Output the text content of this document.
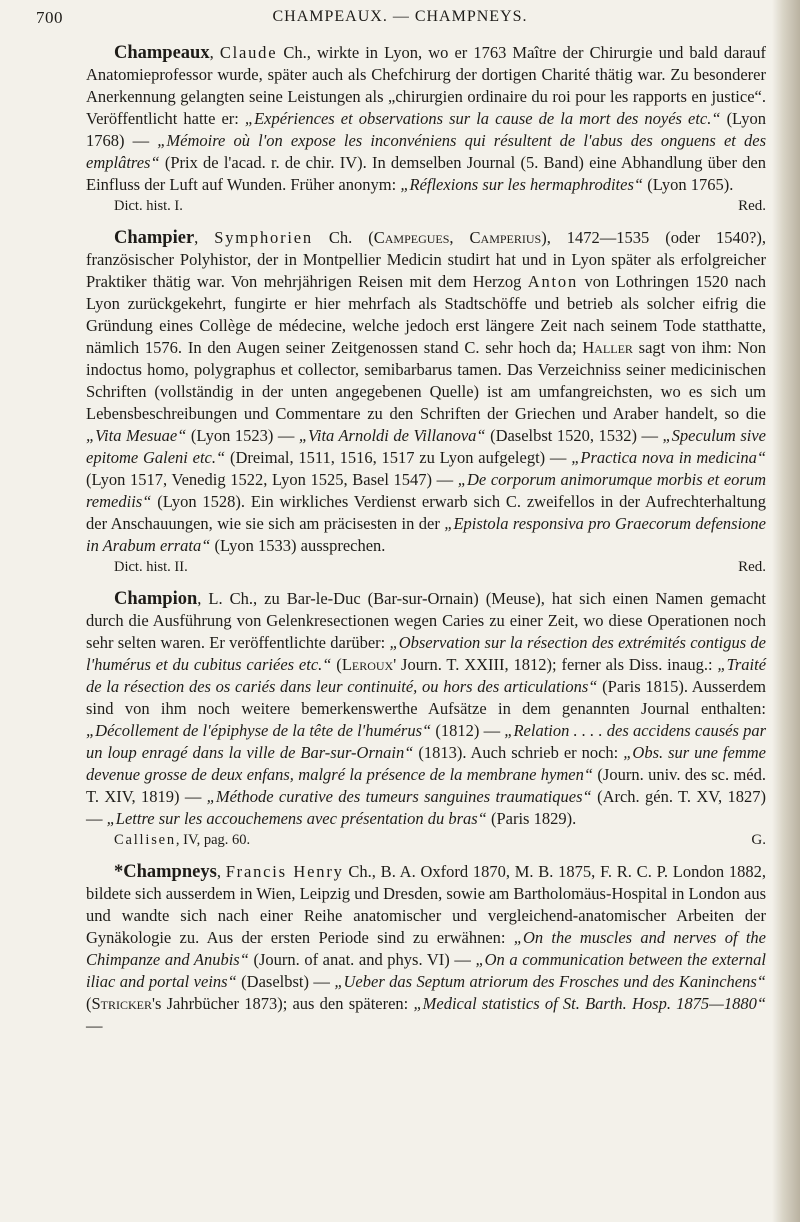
700	CHAMPEAUX. — CHAMPNEYS.

Champeaux, Claude Ch., wirkte in Lyon, wo er 1763 Maître der Chirurgie und bald darauf Anatomieprofessor wurde, später auch als Chefchirurg der dortigen Charité thätig war. Zu besonderer Anerkennung gelangten seine Leistungen als „chirurgien ordinaire du roi pour les rapports en justice“. Veröffentlicht hatte er: „Expériences et observations sur la cause de la mort des noyés etc.“ (Lyon 1768) — „Mémoire où l'on expose les inconvéniens qui résultent de l'abus des onguens et des emplâtres“ (Prix de l'acad. r. de chir. IV). In demselben Journal (5. Band) eine Abhandlung über den Einfluss der Luft auf Wunden. Früher anonym: „Réflexions sur les hermaphrodites“ (Lyon 1765).

Dict. hist. I.	Red.

Champier, Symphorien Ch. (Campegues, Camperius), 1472—1535 (oder 1540?), französischer Polyhistor, der in Montpellier Medicin studirt hat und in Lyon später als erfolgreicher Praktiker thätig war. Von mehrjährigen Reisen mit dem Herzog Anton von Lothringen 1520 nach Lyon zurückgekehrt, fungirte er hier mehrfach als Stadtschöffe und betrieb als solcher eifrig die Gründung eines Collège de médecine, welche jedoch erst längere Zeit nach seinem Tode statthatte, nämlich 1576. In den Augen seiner Zeitgenossen stand C. sehr hoch da; Haller sagt von ihm: Non indoctus homo, polygraphus et collector, semibarbarus tamen. Das Verzeichniss seiner medicinischen Schriften (vollständig in der unten angegebenen Quelle) ist am umfangreichsten, wo es sich um Lebensbeschreibungen und Commentare zu den Schriften der Griechen und Araber handelt, so die „Vita Mesuae“ (Lyon 1523) — „Vita Arnoldi de Villanova“ (Daselbst 1520, 1532) — „Speculum sive epitome Galeni etc.“ (Dreimal, 1511, 1516, 1517 zu Lyon aufgelegt) — „Practica nova in medicina“ (Lyon 1517, Venedig 1522, Lyon 1525, Basel 1547) — „De corporum animorumque morbis et eorum remediis“ (Lyon 1528). Ein wirkliches Verdienst erwarb sich C. zweifellos in der Aufrechterhaltung der Anschauungen, wie sie sich am präcisesten in der „Epistola responsiva pro Graecorum defensione in Arabum errata“ (Lyon 1533) aussprechen.

Dict. hist. II.	Red.

Champion, L. Ch., zu Bar-le-Duc (Bar-sur-Ornain) (Meuse), hat sich einen Namen gemacht durch die Ausführung von Gelenkresectionen wegen Caries zu einer Zeit, wo diese Operationen noch sehr selten waren. Er veröffentlichte darüber: „Observation sur la résection des extrémités contigus de l'humérus et du cubitus cariées etc.“ (Leroux' Journ. T. XXIII, 1812); ferner als Diss. inaug.: „Traité de la résection des os cariés dans leur continuité, ou hors des articulations“ (Paris 1815). Ausserdem sind von ihm noch weitere bemerkenswerthe Aufsätze in dem genannten Journal enthalten: „Décollement de l'épiphyse de la tête de l'humérus“ (1812) — „Relation . . . . des accidens causés par un loup enragé dans la ville de Bar-sur-Ornain“ (1813). Auch schrieb er noch: „Obs. sur une femme devenue grosse de deux enfans, malgré la présence de la membrane hymen“ (Journ. univ. des sc. méd. T. XIV, 1819) — „Méthode curative des tumeurs sanguines traumatiques“ (Arch. gén. T. XV, 1827) — „Lettre sur les accouchemens avec présentation du bras“ (Paris 1829).

Callisen, IV, pag. 60.	G.

*Champneys, Francis Henry Ch., B. A. Oxford 1870, M. B. 1875, F. R. C. P. London 1882, bildete sich ausserdem in Wien, Leipzig und Dresden, sowie am Bartholomäus-Hospital in London aus und wandte sich nach einer Reihe anatomischer und vergleichend-anatomischer Arbeiten der Gynäkologie zu. Aus der ersten Periode sind zu erwähnen: „On the muscles and nerves of the Chimpanze and Anubis“ (Journ. of anat. and phys. VI) — „On a communication between the external iliac and portal veins“ (Daselbst) — „Ueber das Septum atriorum des Frosches und des Kaninchens“ (Stricker's Jahrbücher 1873); aus den späteren: „Medical statistics of St. Barth. Hosp. 1875—1880“ —
